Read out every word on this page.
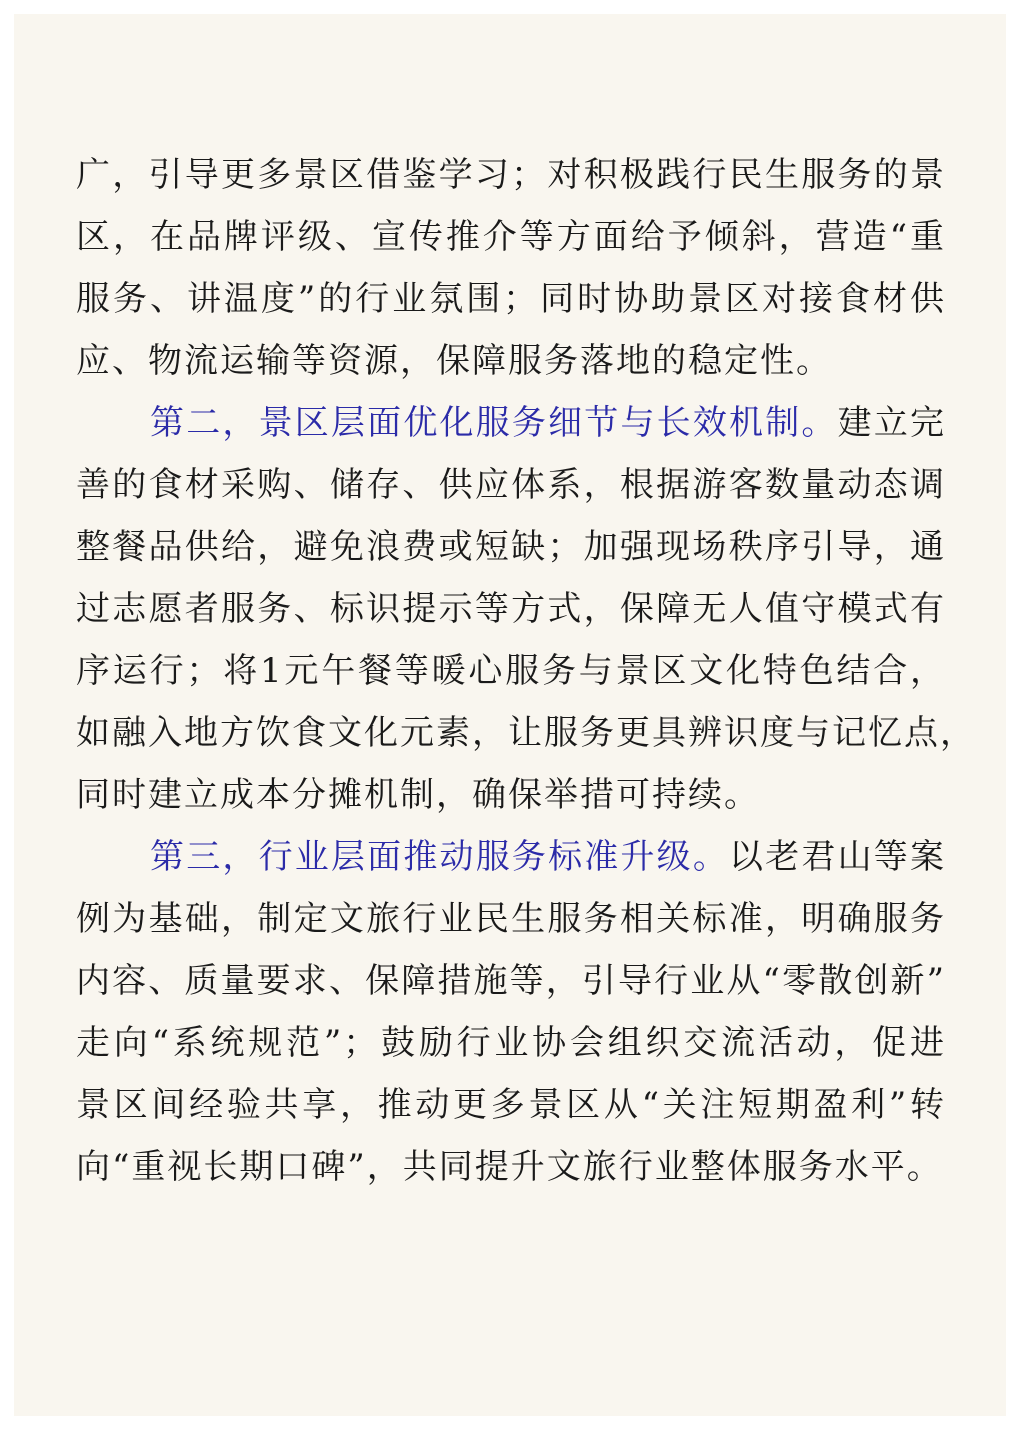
广，引导更多景区借鉴学习；对积极践行民生服务的景
区，在品牌评级、宣传推介等方面给予倾斜，营造“重
服务、讲温度”的行业氛围；同时协助景区对接食材供
应、物流运输等资源，保障服务落地的稳定性。
第二，景区层面优化服务细节与长效机制。建立完
善的食材采购、储存、供应体系，根据游客数量动态调
整餐品供给，避免浪费或短缺；加强现场秩序引导，通
过志愿者服务、标识提示等方式，保障无人值守模式有
序运行；将1元午餐等暖心服务与景区文化特色结合，
如融入地方饮食文化元素，让服务更具辨识度与记忆点，
同时建立成本分摊机制，确保举措可持续。
第三，行业层面推动服务标准升级。以老君山等案
例为基础，制定文旅行业民生服务相关标准，明确服务
内容、质量要求、保障措施等，引导行业从“零散创新”
走向“系统规范”；鼓励行业协会组织交流活动，促进
景区间经验共享，推动更多景区从“关注短期盈利”转
向“重视长期口碑”，共同提升文旅行业整体服务水平。
